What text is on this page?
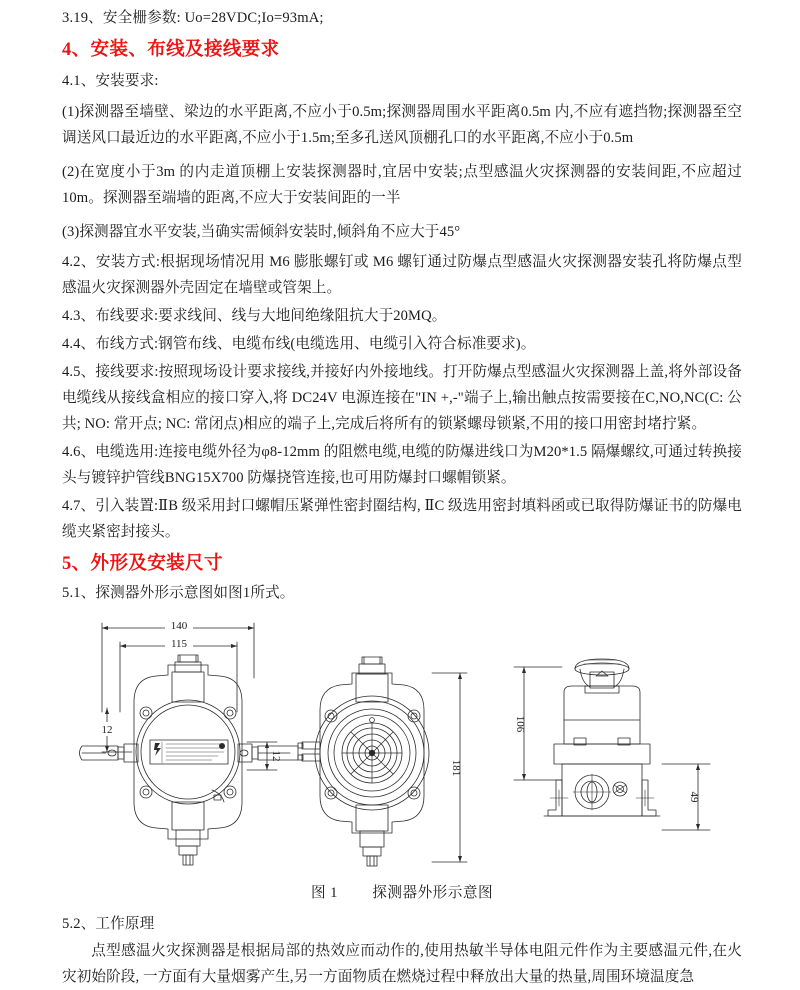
3.19、安全栅参数: Uo=28VDC;Io=93mA;
4、安装、布线及接线要求
4.1、安装要求:
(1)探测器至墙壁、梁边的水平距离,不应小于0.5m;探测器周围水平距离0.5m 内,不应有遮挡物;探测器至空调送风口最近边的水平距离,不应小于1.5m;至多孔送风顶棚孔口的水平距离,不应小于0.5m
(2)在宽度小于3m 的内走道顶棚上安装探测器时,宜居中安装;点型感温火灾探测器的安装间距,不应超过10m。探测器至端墙的距离,不应大于安装间距的一半
(3)探测器宜水平安装,当确实需倾斜安装时,倾斜角不应大于45°
4.2、安装方式:根据现场情况用 M6 膨胀螺钉或 M6 螺钉通过防爆点型感温火灾探测器安装孔将防爆点型感温火灾探测器外壳固定在墙壁或管架上。
4.3、布线要求:要求线间、线与大地间绝缘阻抗大于20MQ。
4.4、布线方式:钢管布线、电缆布线(电缆选用、电缆引入符合标准要求)。
4.5、接线要求:按照现场设计要求接线,并接好内外接地线。打开防爆点型感温火灾探测器上盖,将外部设备电缆线从接线盒相应的接口穿入,将 DC24V 电源连接在"IN +,-"端子上,输出触点按需要接在C,NO,NC(C: 公共; NO: 常开点; NC: 常闭点)相应的端子上,完成后将所有的锁紧螺母锁紧,不用的接口用密封堵拧紧。
4.6、电缆选用:连接电缆外径为φ8-12mm 的阻燃电缆,电缆的防爆进线口为M20*1.5 隔爆螺纹,可通过转换接头与镀锌护管线BNG15X700 防爆挠管连接,也可用防爆封口螺帽锁紧。
4.7、引入装置:ⅡB 级采用封口螺帽压紧弹性密封圈结构, ⅡC 级选用密封填料函或已取得防爆证书的防爆电缆夹紧密封接头。
5、外形及安装尺寸
5.1、探测器外形示意图如图1所式。
140
115
12
12
181
106
49
图 1 探测器外形示意图
5.2、工作原理
点型感温火灾探测器是根据局部的热效应而动作的,使用热敏半导体电阻元件作为主要感温元件,在火灾初始阶段, 一方面有大量烟雾产生,另一方面物质在燃烧过程中释放出大量的热量,周围环境温度急
